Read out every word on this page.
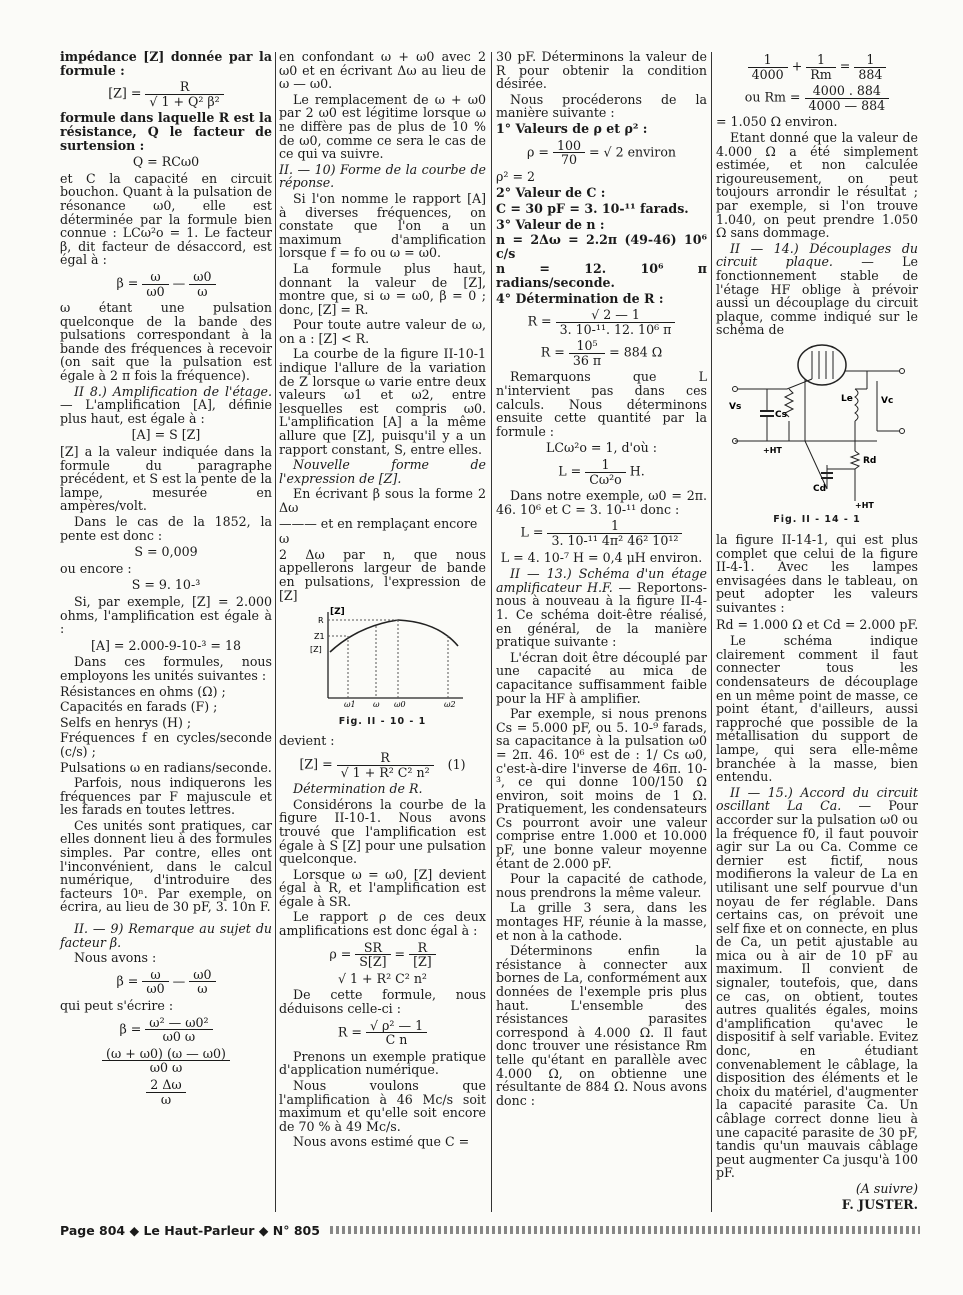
impédance [Z] donnée par la formule :

$[Z] = \frac{R}{\text{√ 1 + Q² β²}}$

formule dans laquelle R est la résistance, Q le facteur de surtension :

Q = RCω0

et C la capacité en circuit bouchon. Quant à la pulsation de résonance ω0, elle est déterminée par la formule bien connue : LCω²o = 1. Le facteur β, dit facteur de désaccord, est égal à :

$\beta = \frac{\omega}{\omega 0}$ — $\frac{\omega 0}{\omega}$

ω étant une pulsation quelconque de la bande des pulsations correspondant à la bande des fréquences à recevoir (on sait que la pulsation est égale à 2 π fois la fréquence).

II 8.) Amplification de l'étage. — L'amplification [A], définie plus haut, est égale à :

[A] = S [Z]

[Z] a la valeur indiquée dans la formule du paragraphe précédent, et S est la pente de la lampe, mesurée en ampères/volt.

Dans le cas de la 1852, la pente est donc :

S = 0,009

ou encore :

S = 9. 10-³

Si, par exemple, [Z] = 2.000 ohms, l'amplification est égale à :

[A] = 2.000-9-10-³ = 18

Dans ces formules, nous employons les unités suivantes :

Résistances en ohms (Ω) ;

Capacités en farads (F) ;

Selfs en henrys (H) ;

Fréquences f en cycles/seconde (c/s) ;

Pulsations ω en radians/seconde.

Parfois, nous indiquerons les fréquences par F majuscule et les farads en toutes lettres.

Ces unités sont pratiques, car elles donnent lieu à des formules simples. Par contre, elles ont l'inconvénient, dans le calcul numérique, d'introduire des facteurs 10ⁿ. Par exemple, on écrira, au lieu de 30 pF, 3. 10n F.

II. — 9) Remarque au sujet du facteur β.

Nous avons :

$\beta = \frac{\omega}{\omega 0}$ — $\frac{\omega 0}{\omega}$

qui peut s'écrire :

$\beta = \frac{\text{ω² — ω0²}}{\omega 0 \omega}$
$\frac{(\omega + \omega 0) (\omega — \omega 0)}{\omega 0 \omega}$
$\frac{2 \Delta\omega}{\omega}$

en confondant ω + ω0 avec 2 ω0 et en écrivant Δω au lieu de ω — ω0.

Le remplacement de ω + ω0 par 2 ω0 est légitime lorsque ω ne diffère pas de plus de 10 % de ω0, comme ce sera le cas de ce qui va suivre.

II. — 10) Forme de la courbe de réponse.

Si l'on nomme le rapport [A] à diverses fréquences, on constate que l'on a un maximum d'amplification lorsque f = fo ou ω = ω0.

La formule plus haut, donnant la valeur de [Z], montre que, si ω = ω0, β = 0 ; donc, [Z] = R.

Pour toute autre valeur de ω, on a : [Z] < R.

La courbe de la figure II-10-1 indique l'allure de la variation de Z lorsque ω varie entre deux valeurs ω1 et ω2, entre lesquelles est compris ω0. L'amplification [A] a la même allure que [Z], puisqu'il y a un rapport constant, S, entre elles.

Nouvelle forme de l'expression de [Z].

En écrivant β sous la forme 2 Δω

——— et en remplaçant encore

ω

2 Δω par n, que nous appellerons largeur de bande en pulsations, l'expression de [Z]

[Z]
R
Z1
[Z]
ω1 ω ω0	ω2
Fig. II - 10 - 1

devient :

$[Z] = \frac{R}{\text{√ 1 + R² C² n²}} (1)$

Détermination de R.

Considérons la courbe de la figure II-10-1. Nous avons trouvé que l'amplification est égale à S [Z] pour une pulsation quelconque.

Lorsque ω = ω0, [Z] devient égal à R, et l'amplification est égale à SR.

Le rapport ρ de ces deux amplifications est donc égal à :

$\rho = \frac{SR}{S[Z]} = \frac{R}{[Z]}$
√ 1 + R² C² n²

De cette formule, nous déduisons celle-ci :

$R = \frac{\text{√ ρ² — 1}}{\text{C n}}$

Prenons un exemple pratique d'application numérique.

Nous voulons que l'amplification à 46 Mc/s soit maximum et qu'elle soit encore de 70 % à 49 Mc/s.

Nous avons estimé que C =

30 pF. Déterminons la valeur de R pour obtenir la condition désirée.

Nous procéderons de la manière suivante :

1° Valeurs de ρ et ρ² :

$\rho = \frac{100}{70}$ = √ 2 environ
ρ² = 2

2° Valeur de C :

C = 30 pF = 3. 10-¹¹ farads.

3° Valeur de n :

n = 2Δω = 2.2π (49-46) 10⁶ c/s

n = 12. 10⁶ π radians/seconde.

4° Détermination de R :

$R = \frac{√ 2 — 1}{\text{3. 10-¹¹. 12. 10⁶ π}}$
$R = \frac{\text{10⁵}}{36 \pi} = 884$ Ω

Remarquons que L n'intervient pas dans ces calculs. Nous déterminons ensuite cette quantité par la formule :

LCω²o = 1, d'où :
$L = \frac{1}{\text{Cω²o}} H$.

Dans notre exemple, ω0 = 2π. 46. 10⁶ et C = 3. 10-¹¹ donc :

$L = \frac{1}{\text{3. 10-¹¹ 4π² 46² 10¹²}}$
L = 4. 10-⁷ H = 0,4 μH environ.

II — 13.) Schéma d'un étage amplificateur H.F. — Reportons-nous à nouveau à la figure II-4-1. Ce schéma doit-être réalisé, en général, de la manière pratique suivante :

L'écran doit être découplé par une capacité au mica de capacitance suffisamment faible pour la HF à amplifier.

Par exemple, si nous prenons Cs = 5.000 pF, ou 5. 10-⁹ farads, sa capacitance à la pulsation ω0 = 2π. 46. 10⁶ est de : 1/ Cs ω0, c'est-à-dire l'inverse de 46π. 10-³, ce qui donne 100/150 Ω environ, soit moins de 1 Ω. Pratiquement, les condensateurs Cs pourront avoir une valeur comprise entre 1.000 et 10.000 pF, une bonne valeur moyenne étant de 2.000 pF.

Pour la capacité de cathode, nous prendrons la même valeur.

La grille 3 sera, dans les montages HF, réunie à la masse, et non à la cathode.

Déterminons enfin la résistance à connecter aux bornes de La, conformément aux données de l'exemple pris plus haut. L'ensemble des résistances parasites correspond à 4.000 Ω. Il faut donc trouver une résistance Rm telle qu'étant en parallèle avec 4.000 Ω, on obtienne une résultante de 884 Ω. Nous avons donc :

$\frac{1}{4000} + \frac{1}{Rm} = \frac{1}{884}$
ou $Rm = \frac{4000 . 884}{4000 — 884}$

= 1.050 Ω environ.

Etant donné que la valeur de 4.000 Ω a été simplement estimée, et non calculée rigoureusement, on peut toujours arrondir le résultat ; par exemple, si l'on trouve 1.040, on peut prendre 1.050 Ω sans dommage.

II — 14.) Découplages du circuit plaque. — Le fonctionnement stable de l'étage HF oblige à prévoir aussi un découplage du circuit plaque, comme indiqué sur le schéma de

Vs
Cs
+HT
Le	Vc
Rd
Cd
+HT
Fig. II - 14 - 1

la figure II-14-1, qui est plus complet que celui de la figure II-4-1. Avec les lampes envisagées dans le tableau, on peut adopter les valeurs suivantes :

Rd = 1.000 Ω et Cd = 2.000 pF.

Le schéma indique clairement comment il faut connecter tous les condensateurs de découplage en un même point de masse, ce point étant, d'ailleurs, aussi rapproché que possible de la métallisation du support de lampe, qui sera elle-même branchée à la masse, bien entendu.

II — 15.) Accord du circuit oscillant La Ca. — Pour accorder sur la pulsation ω0 ou la fréquence f0, il faut pouvoir agir sur La ou Ca. Comme ce dernier est fictif, nous modifierons la valeur de La en utilisant une self pourvue d'un noyau de fer réglable. Dans certains cas, on prévoit une self fixe et on connecte, en plus de Ca, un petit ajustable au mica ou à air de 10 pF au maximum. Il convient de signaler, toutefois, que, dans ce cas, on obtient, toutes autres qualités égales, moins d'amplification qu'avec le dispositif à self variable. Evitez donc, en étudiant convenablement le câblage, la disposition des éléments et le choix du matériel, d'augmenter la capacité parasite Ca. Un câblage correct donne lieu à une capacité parasite de 30 pF, tandis qu'un mauvais câblage peut augmenter Ca jusqu'à 100 pF.

(A suivre)

F. JUSTER.

Page 804 ◆ Le Haut-Parleur ◆ N° 805
